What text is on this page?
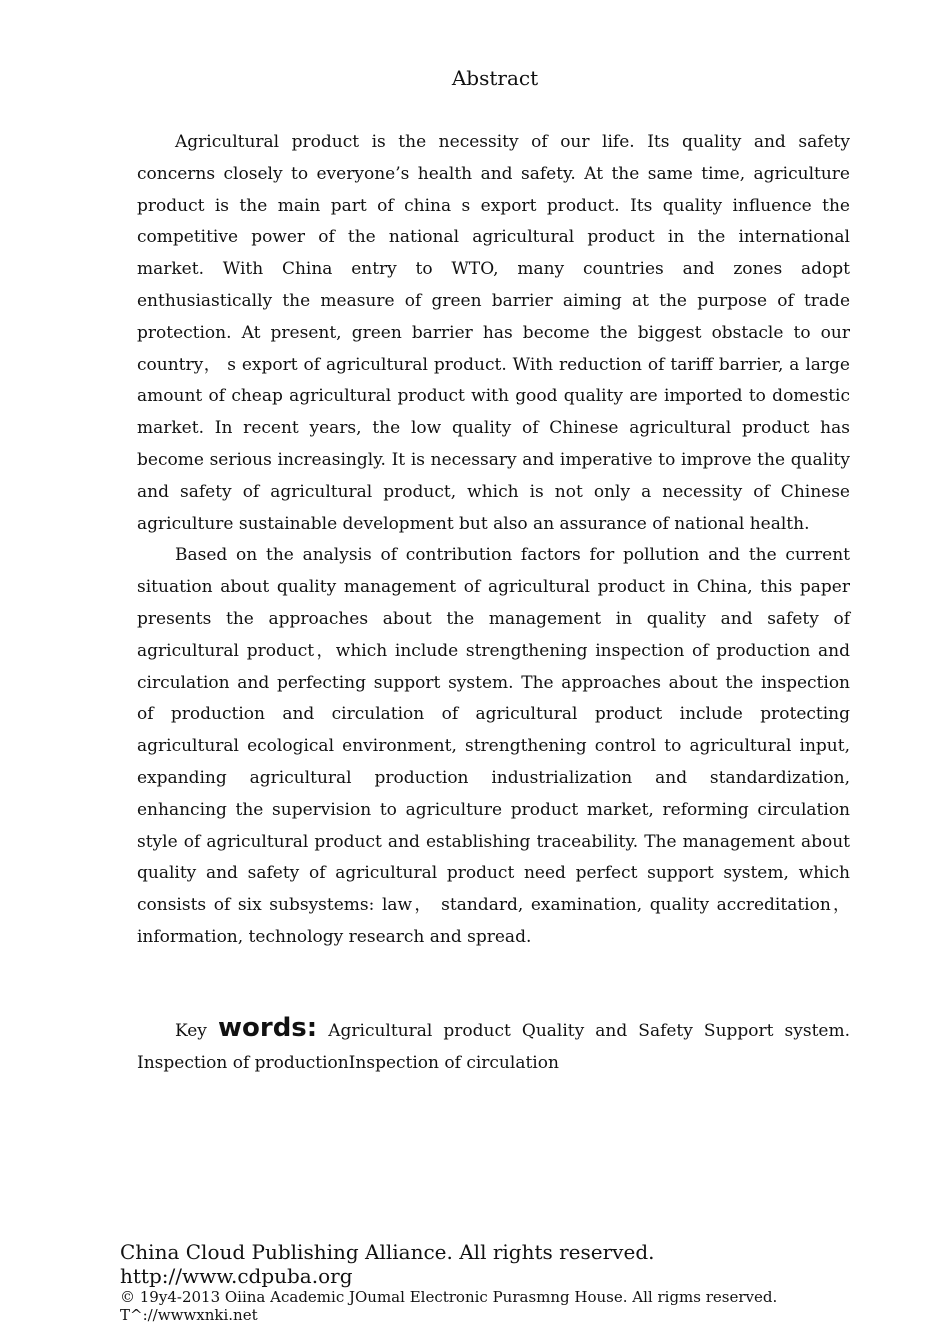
Abstract

Agricultural product is the necessity of our life. Its quality and safety concerns closely to everyone’s health and safety. At the same time, agriculture product is the main part of china s export product. Its quality influence the competitive power of the national agricultural product in the international market. With China entry to WTO, many countries and zones adopt enthusiastically the measure of green barrier aiming at the purpose of trade protection. At present, green barrier has become the biggest obstacle to our country， s export of agricultural product. With reduction of tariff barrier, a large amount of cheap agricultural product with good quality are imported to domestic market. In recent years, the low quality of Chinese agricultural product has become serious increasingly. It is necessary and imperative to improve the quality and safety of agricultural product, which is not only a necessity of Chinese agriculture sustainable development but also an assurance of national health.

Based on the analysis of contribution factors for pollution and the current situation about quality management of agricultural product in China, this paper presents the approaches about the management in quality and safety of agricultural product，which include strengthening inspection of production and circulation and perfecting support system. The approaches about the inspection of production and circulation of agricultural product include protecting agricultural ecological environment, strengthening control to agricultural input, expanding agricultural production industrialization and standardization, enhancing the supervision to agriculture product market, reforming circulation style of agricultural product and establishing traceability. The management about quality and safety of agricultural product need perfect support system, which consists of six subsystems: law， standard, examination, quality accreditation， information, technology research and spread.

Key words: Agricultural product Quality and Safety Support system. Inspection of productionInspection of circulation

China Cloud Publishing Alliance. All rights reserved.
http://www.cdpuba.org
© 19y4-2013 Oiina Academic JOumal Electronic Purasmng House. All rigms reserved.
T^://wwwxnki.net
